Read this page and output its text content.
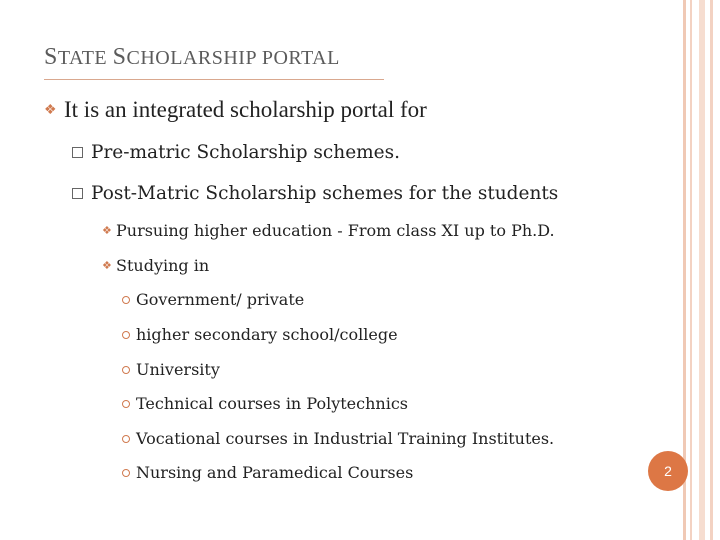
STATE SCHOLARSHIP PORTAL
❖ It is an integrated scholarship portal for
Pre-matric Scholarship schemes.
Post-Matric Scholarship schemes for the students
❖ Pursuing higher education - From class XI up to Ph.D.
❖ Studying in
Government/ private
higher secondary school/college
University
Technical courses in Polytechnics
Vocational courses in Industrial Training Institutes.
Nursing and Paramedical Courses	2
